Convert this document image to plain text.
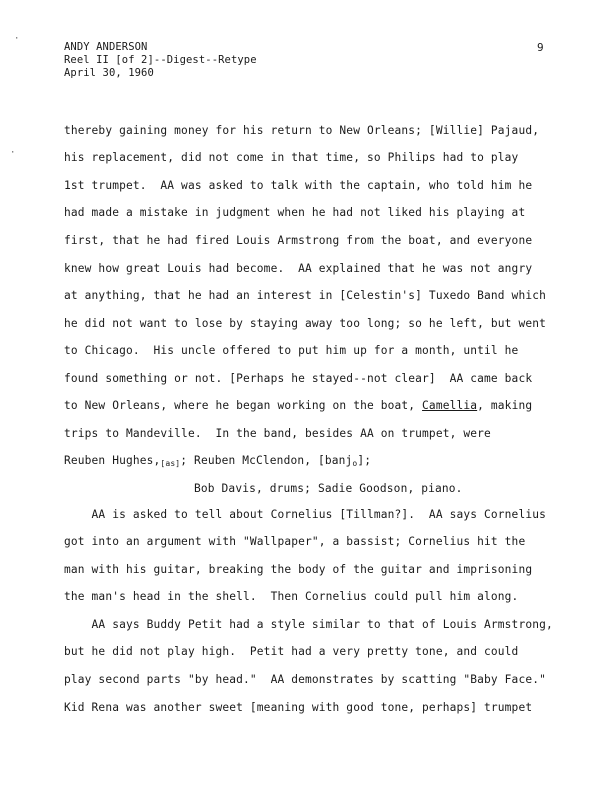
ANDY ANDERSON
Reel II [of 2]--Digest--Retype
April 30, 1960
9
·
·
thereby gaining money for his return to New Orleans; [Willie] Pajaud,
his replacement, did not come in that time, so Philips had to play
1st trumpet.  AA was asked to talk with the captain, who told him he
had made a mistake in judgment when he had not liked his playing at
first, that he had fired Louis Armstrong from the boat, and everyone
knew how great Louis had become.  AA explained that he was not angry
at anything, that he had an interest in [Celestin's] Tuxedo Band which
he did not want to lose by staying away too long; so he left, but went
to Chicago.  His uncle offered to put him up for a month, until he
found something or not. [Perhaps he stayed--not clear]  AA came back
to New Orleans, where he began working on the boat, Camellia, making
trips to Mandeville.  In the band, besides AA on trumpet, were
Reuben Hughes,[as]; Reuben McClendon, [banjo];
Bob Davis, drums; Sadie Goodson, piano.
AA is asked to tell about Cornelius [Tillman?].  AA says Cornelius
got into an argument with "Wallpaper", a bassist; Cornelius hit the
man with his guitar, breaking the body of the guitar and imprisoning
the man's head in the shell.  Then Cornelius could pull him along.
AA says Buddy Petit had a style similar to that of Louis Armstrong,
but he did not play high.  Petit had a very pretty tone, and could
play second parts "by head."  AA demonstrates by scatting "Baby Face."
Kid Rena was another sweet [meaning with good tone, perhaps] trumpet
